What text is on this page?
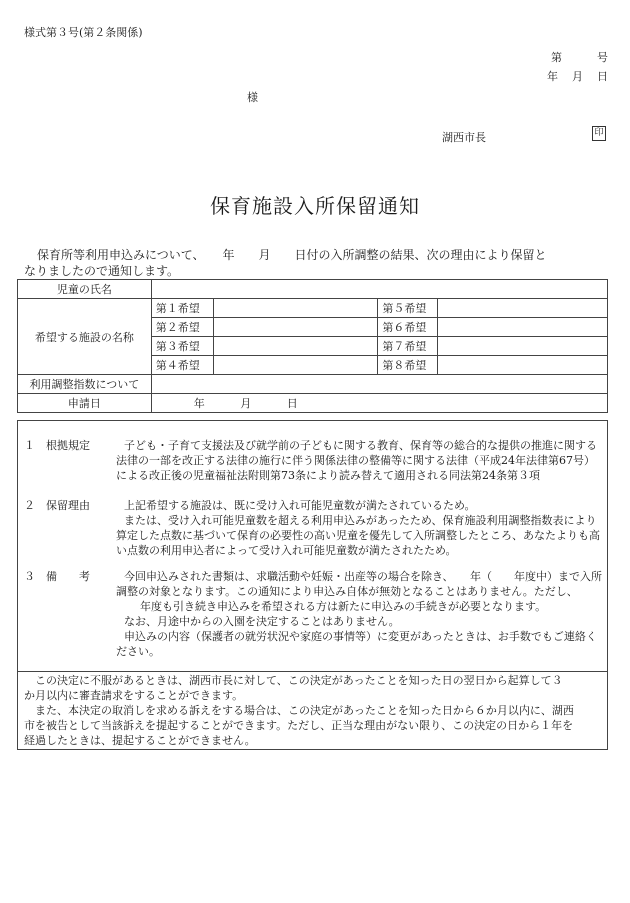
様式第３号(第２条関係)
第	号
年 月 日
様
湖西市長	印
保育施設入所保留通知
保育所等利用申込みについて、　　年　　月　　日付の入所調整の結果、次の理由により保留と
なりましたので通知します。
児童の氏名				
希望する施設の名称	第１希望		第５希望	
	第２希望		第６希望	
	第３希望		第７希望	
	第４希望		第８希望	
利用調整指数について				
申請日	年 月 日			
１　根拠規定	子ども・子育て支援法及び就学前の子どもに関する教育、保育等の総合的な提供の推進に関する
法律の一部を改正する法律の施行に伴う関係法律の整備等に関する法律（平成24年法律第67号）
による改正後の児童福祉法附則第73条により読み替えて適用される同法第24条第３項
２　保留理由	上記希望する施設は、既に受け入れ可能児童数が満たされているため。
または、受け入れ可能児童数を超える利用申込みがあったため、保育施設利用調整指数表により
算定した点数に基づいて保育の必要性の高い児童を優先して入所調整したところ、あなたよりも高
い点数の利用申込者によって受け入れ可能児童数が満たされたため。
３　備　　考	今回申込みされた書類は、求職活動や妊娠・出産等の場合を除き、　　年（　　年度中）まで入所
調整の対象となります。この通知により申込み自体が無効となることはありません。ただし、
年度も引き続き申込みを希望される方は新たに申込みの手続きが必要となります。
なお、月途中からの入園を決定することはありません。
申込みの内容（保護者の就労状況や家庭の事情等）に変更があったときは、お手数でもご連絡く
ださい。
この決定に不服があるときは、湖西市長に対して、この決定があったことを知った日の翌日から起算して３
か月以内に審査請求をすることができます。
また、本決定の取消しを求める訴えをする場合は、この決定があったことを知った日から６か月以内に、湖西
市を被告として当該訴えを提起することができます。ただし、正当な理由がない限り、この決定の日から１年を
経過したときは、提起することができません。
